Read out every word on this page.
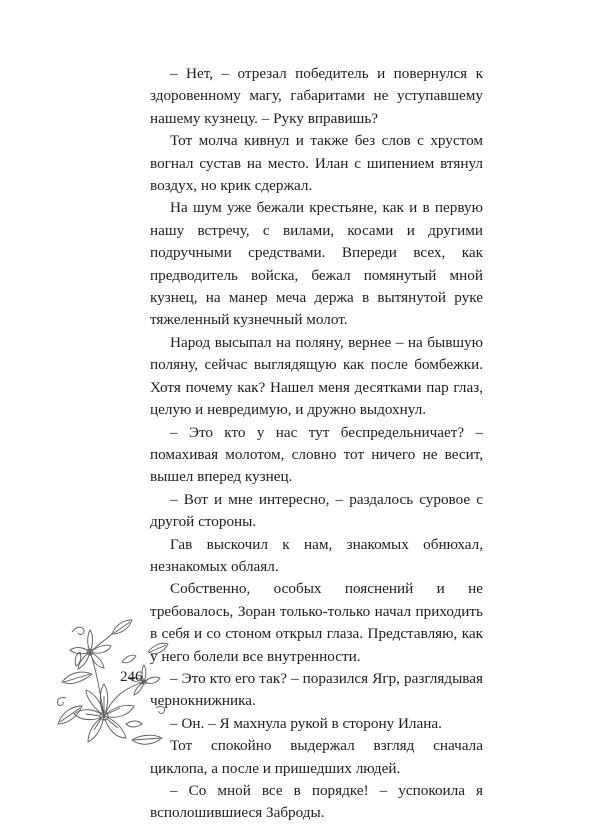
– Нет, – отрезал победитель и повернулся к здоровенному магу, габаритами не уступавшему нашему кузнецу. – Руку вправишь?

Тот молча кивнул и также без слов с хрустом вогнал сустав на место. Илан с шипением втянул воздух, но крик сдержал.

На шум уже бежали крестьяне, как и в первую нашу встречу, с вилами, косами и другими подручными средствами. Впереди всех, как предводитель войска, бежал помянутый мной кузнец, на манер меча держа в вытянутой руке тяжеленный кузнечный молот.

Народ высыпал на поляну, вернее – на бывшую поляну, сейчас выглядящую как после бомбежки. Хотя почему как? Нашел меня десятками пар глаз, целую и невредимую, и дружно выдохнул.

– Это кто у нас тут беспредельничает? – помахивая молотом, словно тот ничего не весит, вышел вперед кузнец.

– Вот и мне интересно, – раздалось суровое с другой стороны.

Гав выскочил к нам, знакомых обнюхал, незнакомых облаял.

Собственно, особых пояснений и не требовалось, Зоран только-только начал приходить в себя и со стоном открыл глаза. Представляю, как у него болели все внутренности.

– Это кто его так? – поразился Ягр, разглядывая чернокнижника.

– Он. – Я махнула рукой в сторону Илана.

Тот спокойно выдержал взгляд сначала циклопа, а после и пришедших людей.

– Со мной все в порядке! – успокоила я всполошившиеся Заброды.

246
